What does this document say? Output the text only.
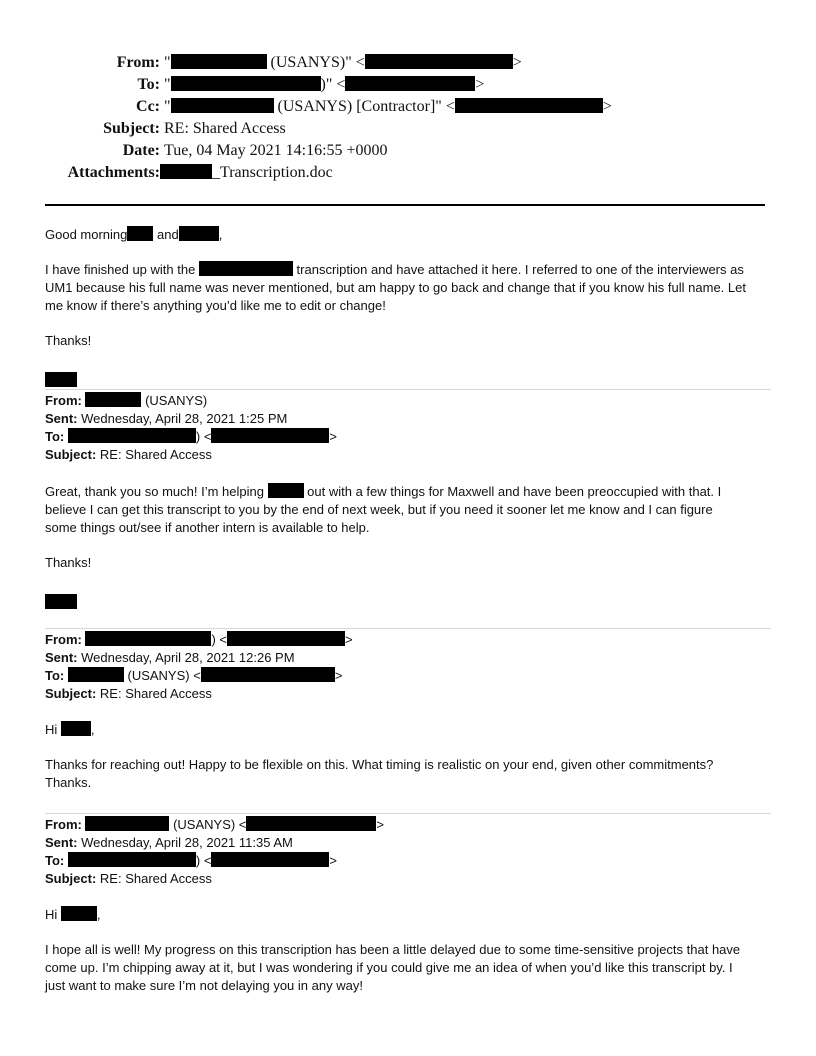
From: "	(USANYS)" <	>
To: "	)" <	>
Cc: "	(USANYS) [Contractor]" <	>
Subject: RE: Shared Access
Date: Tue, 04 May 2021 14:16:55 +0000
Attachments:	_Transcription.doc

Good morning and	,

I have finished up with the	transcription and have attached it here. I referred to one of the interviewers as
UM1 because his full name was never mentioned, but am happy to go back and change that if you know his full name. Let
me know if there’s anything you’d like me to edit or change!

Thanks!

From:	(USANYS)
Sent: Wednesday, April 28, 2021 1:25 PM
To:	) <	>
Subject: RE: Shared Access

Great, thank you so much! I’m helping	out with a few things for Maxwell and have been preoccupied with that. I
believe I can get this transcript to you by the end of next week, but if you need it sooner let me know and I can figure
some things out/see if another intern is available to help.

Thanks!

From:	) <	>
Sent: Wednesday, April 28, 2021 12:26 PM
To:	(USANYS) <	>
Subject: RE: Shared Access

Hi ,

Thanks for reaching out! Happy to be flexible on this. What timing is realistic on your end, given other commitments?
Thanks.

From:	(USANYS) <	>
Sent: Wednesday, April 28, 2021 11:35 AM
To:	) <	>
Subject: RE: Shared Access

Hi	,

I hope all is well! My progress on this transcription has been a little delayed due to some time-sensitive projects that have
come up. I’m chipping away at it, but I was wondering if you could give me an idea of when you’d like this transcript by. I
just want to make sure I’m not delaying you in any way!
